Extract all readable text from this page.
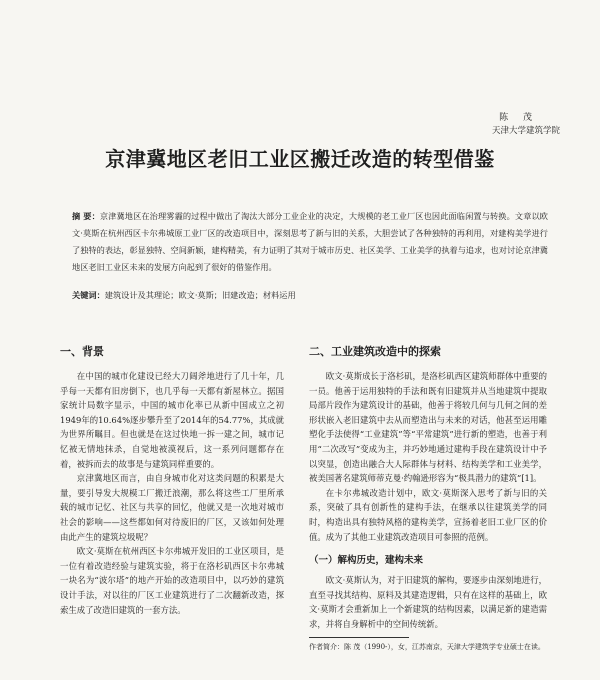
陈 茂
天津大学建筑学院
京津冀地区老旧工业区搬迁改造的转型借鉴
摘 要：京津冀地区在治理雾霾的过程中做出了淘汰大部分工业企业的决定，大规模的老工业厂区也因此面临闲置与转换。文章以欧文·莫斯在杭州西区卡尔弗城原工业厂区的改造项目中，深刻思考了新与旧的关系，大胆尝试了各种独特的再利用，对建构美学进行了独特的表达，彰显独特、空间新颖，建构精美，有力证明了其对于城市历史、社区美学、工业美学的执着与追求，也对讨论京津冀地区老旧工业区未来的发展方向起到了很好的借鉴作用。
关键词：建筑设计及其理论；欧文·莫斯；旧建改造；材料运用
一、背景

在中国的城市化建设已经大刀阔斧地进行了几十年，几乎每一天都有旧房倒下，也几乎每一天都有新屋林立。据国家统计局数字显示，中国的城市化率已从新中国成立之初1949年的10.64%逐步攀升至了2014年的54.77%，其成就为世界所瞩目。但也就是在这过快地一拆一建之间，城市记忆被无情地抹杀，自觉地被漠视后，这一系列问题都存在着，被拆而去的故事是与建筑同样重要的。

京津冀地区而言，由自身城市化对这类问题的积累是大量，要引导发大规模工厂搬迁浪潮，那么将这些工厂里所承载的城市记忆、社区与共享的回忆，他就又是一次地对城市社会的影响——这些都如何对待废旧的厂区，又该如何处理由此产生的建筑垃圾呢？

欧文·莫斯在杭州西区卡尔弗城开发旧的工业区项目，是一位有着改造经验与建筑实验，将于在洛杉矶西区卡尔弗城一块名为“波尔塔”的地产开始的改造项目中，以巧妙的建筑设计手法，对以往的厂区工业建筑进行了二次翻新改造，探索生成了改造旧建筑的一套方法。

二、工业建筑改造中的探索

欧文·莫斯成长于洛杉矶，是洛杉矶西区建筑师群体中重要的一员。他善于运用独特的手法和既有旧建筑并从当地建筑中提取局部片段作为建筑设计的基础，他善于将较几何与几何之间的差形状嵌入老旧建筑中去从而塑造出与未来的对话，他甚至运用雕塑化手法使得“工业建筑”等“平常建筑”进行新的塑造，也善于利用“二次改写”变成为主，并巧妙地通过建构手段在建筑设计中予以突显，创造出融合大人际群体与材料、结构美学和工业美学，被美国著名建筑师蒂克曼·约翰逊形容为“极具潜力的建筑”[1]。

在卡尔弗城改造计划中，欧文·莫斯深入思考了新与旧的关系，突破了具有创新性的建构手法，在继承以往建筑美学的同时，构造出具有独特风格的建构美学，宣扬着老旧工业厂区的价值。成为了其他工业建筑改造项目可参照的范例。

（一）解构历史，建构未来

欧文·莫斯认为，对于旧建筑的解构，要逐步由深刻地进行，直至寻找其结构、原料及其建造逻辑，只有在这样的基础上，欧文·莫斯才会重新加上一个新建筑的结构因素，以满足新的建造需求，并将自身解析中的空间传统新。

作者简介：陈 茂（1990-），女，江苏南京，天津大学建筑学专业硕士在读。
